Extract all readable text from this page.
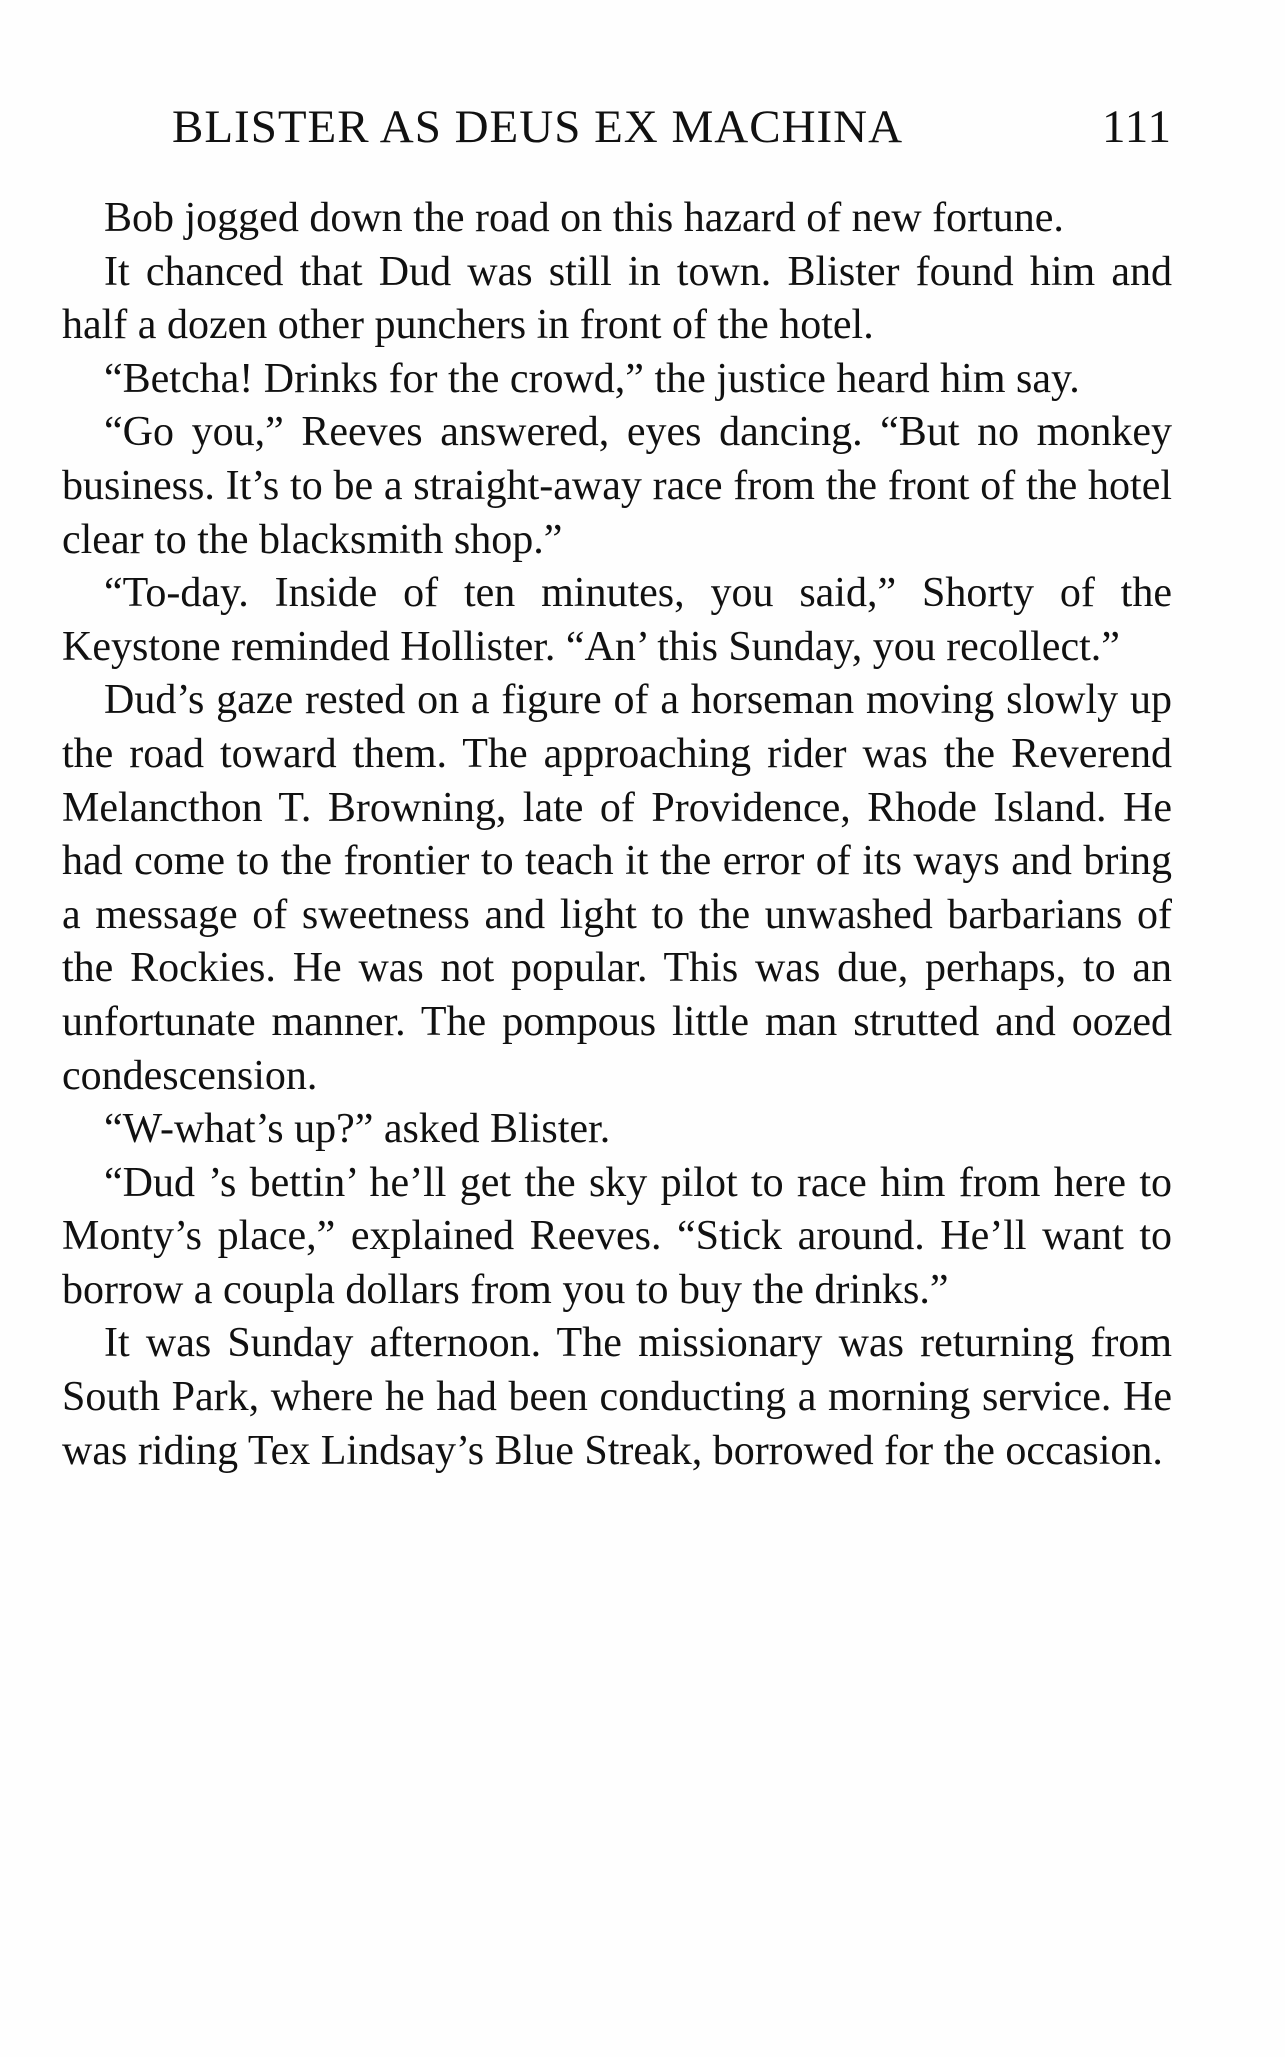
BLISTER AS DEUS EX MACHINA	111

Bob jogged down the road on this hazard of new fortune.

It chanced that Dud was still in town. Blister found him and half a dozen other punchers in front of the hotel.

“Betcha! Drinks for the crowd,” the justice heard him say.

“Go you,” Reeves answered, eyes dancing. “But no monkey business. It’s to be a straight-away race from the front of the hotel clear to the blacksmith shop.”

“To-day. Inside of ten minutes, you said,” Shorty of the Keystone reminded Hollister. “An’ this Sunday, you recollect.”

Dud’s gaze rested on a figure of a horseman moving slowly up the road toward them. The approaching rider was the Reverend Melancthon T. Browning, late of Providence, Rhode Island. He had come to the frontier to teach it the error of its ways and bring a message of sweetness and light to the unwashed barbarians of the Rockies. He was not popular. This was due, perhaps, to an unfortunate manner. The pompous little man strutted and oozed condescension.

“W-what’s up?” asked Blister.

“Dud ’s bettin’ he’ll get the sky pilot to race him from here to Monty’s place,” explained Reeves. “Stick around. He’ll want to borrow a coupla dollars from you to buy the drinks.”

It was Sunday afternoon. The missionary was returning from South Park, where he had been conducting a morning service. He was riding Tex Lindsay’s Blue Streak, borrowed for the occasion.
